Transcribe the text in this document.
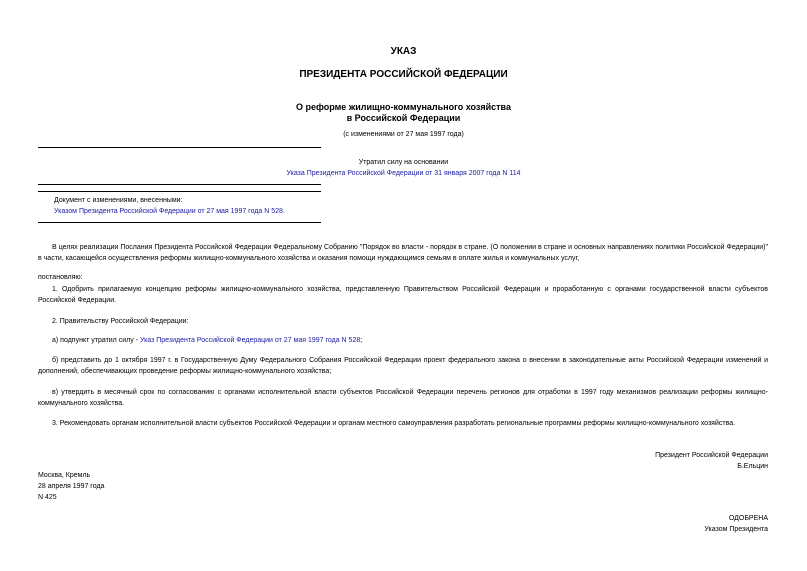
УКАЗ
ПРЕЗИДЕНТА РОССИЙСКОЙ ФЕДЕРАЦИИ
О реформе жилищно-коммунального хозяйства
в Российской Федерации
(с изменениями от 27 мая 1997 года)
Утратил силу на основании
Указа Президента Российской Федерации от 31 января 2007 года N 114
Документ с изменениями, внесенными:
Указом Президента Российской Федерации от 27 мая 1997 года N 528.
В целях реализации Послания Президента Российской Федерации Федеральному Собранию "Порядок во власти - порядок в стране. (О положении в стране и основных направлениях политики Российской Федерации)" в части, касающейся осуществления реформы жилищно-коммунального хозяйства и оказания помощи нуждающимся семьям в оплате жилья и коммунальных услуг,
постановляю:
1. Одобрить прилагаемую концепцию реформы жилищно-коммунального хозяйства, представленную Правительством Российской Федерации и проработанную с органами государственной власти субъектов Российской Федерации.
2. Правительству Российской Федерации:
а) подпункт утратил силу - Указ Президента Российской Федерации от 27 мая 1997 года N 528;
б) представить до 1 октября 1997 г. в Государственную Думу Федерального Собрания Российской Федерации проект федерального закона о внесении в законодательные акты Российской Федерации изменений и дополнений, обеспечивающих проведение реформы жилищно-коммунального хозяйства;
в) утвердить в месячный срок по согласованию с органами исполнительной власти субъектов Российской Федерации перечень регионов для отработки в 1997 году механизмов реализации реформы жилищно-коммунального хозяйства.
3. Рекомендовать органам исполнительной власти субъектов Российской Федерации и органам местного самоуправления разработать региональные программы реформы жилищно-коммунального хозяйства.
Президент Российской Федерации
Б.Ельцин
Москва, Кремль
28 апреля 1997 года
N 425
ОДОБРЕНА
Указом Президента
